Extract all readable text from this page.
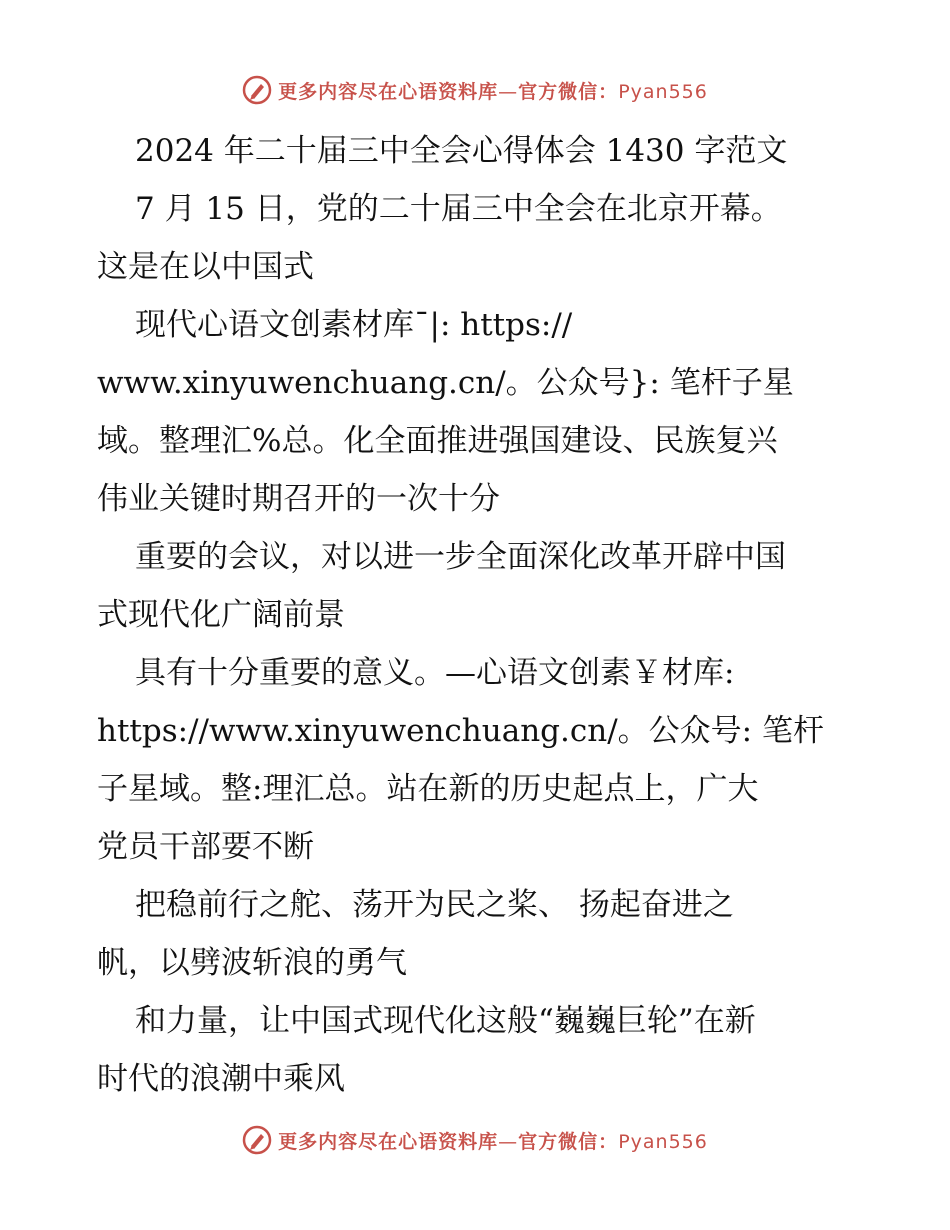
更多内容尽在心语资料库—官方微信：Pyan556
2024 年二十届三中全会心得体会 1430 字范文
7 月 15 日，党的二十届三中全会在北京开幕。
这是在以中国式
现代心语文创素材库¯|: https://
www.xinyuwenchuang.cn/。公众号}: 笔杆子星
域。整理汇%总。化全面推进强国建设、民族复兴
伟业关键时期召开的一次十分
重要的会议，对以进一步全面深化改革开辟中国
式现代化广阔前景
具有十分重要的意义。—心语文创素￥材库:
https://www.xinyuwenchuang.cn/。公众号: 笔杆
子星域。整:理汇总。站在新的历史起点上，广大
党员干部要不断
把稳前行之舵、荡开为民之桨、 扬起奋进之
帆，以劈波斩浪的勇气
和力量，让中国式现代化这般“巍巍巨轮”在新
时代的浪潮中乘风
更多内容尽在心语资料库—官方微信：Pyan556
